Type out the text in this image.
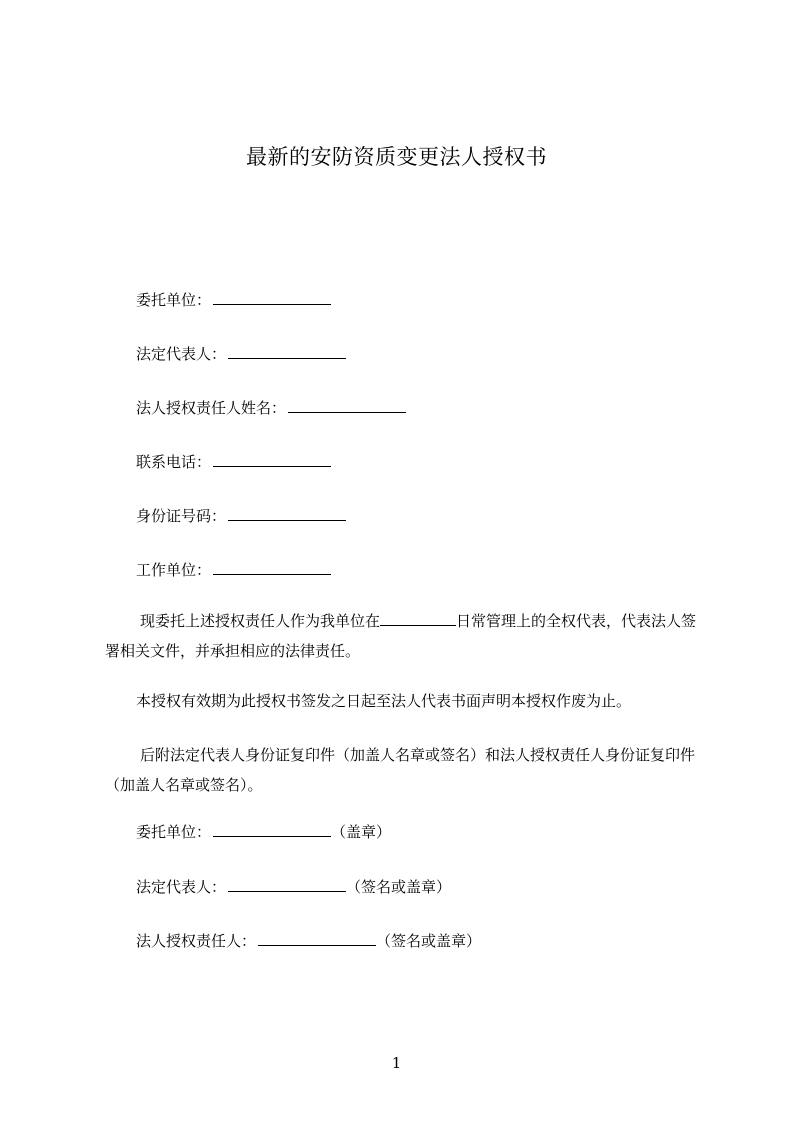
最新的安防资质变更法人授权书
委托单位：
法定代表人：
法人授权责任人姓名：
联系电话：
身份证号码：
工作单位：
现委托上述授权责任人作为我单位在	日常管理上的全权代表，代表法人签署相关文件，并承担相应的法律责任。
本授权有效期为此授权书签发之日起至法人代表书面声明本授权作废为止。
后附法定代表人身份证复印件（加盖人名章或签名）和法人授权责任人身份证复印件（加盖人名章或签名）。
委托单位：	（盖章）
法定代表人：	（签名或盖章）
法人授权责任人：	（签名或盖章）
1
